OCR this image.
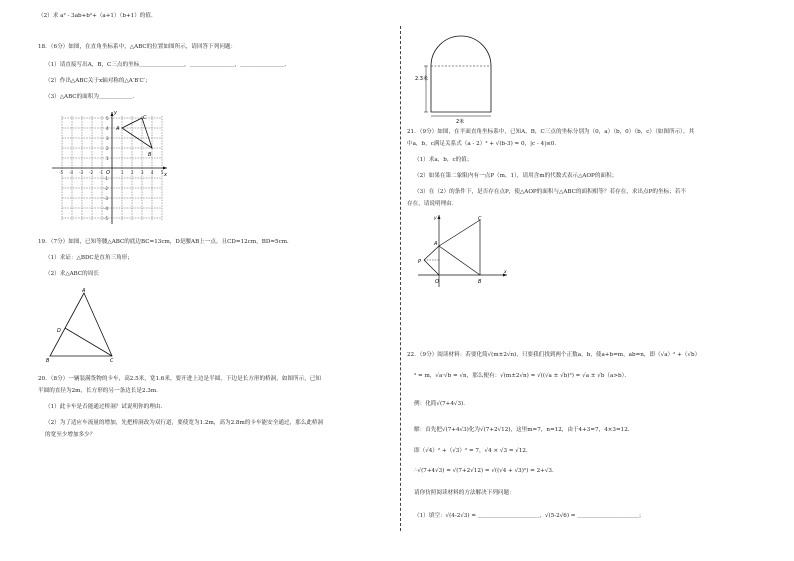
（2）求 a² - 3ab+b²+（a+1）（b+1）的值．
18．（6分）如图，在直角坐标系中，△ABC的位置如图所示，请回答下列问题：
（1）请直接写出A，B，C三点的坐标＿＿＿＿＿＿＿＿，＿＿＿＿＿＿＿＿，＿＿＿＿＿＿＿＿．
（2）作出△ABC关于x轴对称的△A′B′C′；
（3）△ABC的面积为＿＿＿＿＿＿．
x
y
O
-5 -4 -3 -2 -1	1 2 3 4 5
5
4
3
2
1
-1
-2
-3
-4
-5
A
B
C
19．（7分）如图，已知等腰△ABC的底边BC=13cm，D是腰AB上一点，且CD=12cm，BD=5cm．
（1）求证：△BDC是直角三角形；
（2）求△ABC的周长
A
D
B	C
20．（8分）一辆装满货物的卡车，高2.5米，宽1.6米，要开进上边是半圆，下边是长方形的桥洞，如图所示，已知
半圆的直径为2m，长方形的另一条边长是2.3m．
（1）此卡车是否能通过桥洞？试说明你的理由．
（2）为了适应车流量的增加，先把桥洞改为双行道，要使宽为1.2m，高为2.8m的卡车能安全通过，那么此桥洞
的宽至少增加多少？
2.3米
2米
21．（9分）如图，在平面直角坐标系中，已知A，B，C三点的坐标分别为（0，a）（b，0）（b，c）（如图所示），其
中a，b，c满足关系式（a - 2）² + √(b-3) = 0，|c - 4|≤0．
（1）求a，b，c的值；
（2）如果在第二象限内有一点P（m，1），请用含m的代数式表示△AOP的面积；
（3）在（2）的条件下，是否存在点P，使△AOP的面积与△ABC的面积相等？若存在，求出点P的坐标；若不
存在，请说明理由．
x
y	C
A
P
O	B
22．（9分）阅读材料：若要化简√(m±2√n)，只要我们找到两个正数a，b，使a+b=m，ab=n，即（√a）² +（√b）
² = m，√a·√b = √n，那么便有：√(m±2√n) = √((√a ± √b)²) = √a ± √b（a>b）．
例：化简√(7+4√3)．
解：首先把√(7+4√3)化为√(7+2√12)，这里m=7，n=12，由于4+3=7，4×3=12．
即（√4）² +（√3）² = 7，√4 × √3 = √12．
∴√(7+4√3) = √(7+2√12) = √((√4 + √3)²) = 2+√3．
请你仿照阅读材料的方法解决下列问题：
（1）填空：√(4-2√3) = ＿＿＿＿＿＿＿＿＿＿＿，√(5-2√6) = ＿＿＿＿＿＿＿＿＿＿＿；
